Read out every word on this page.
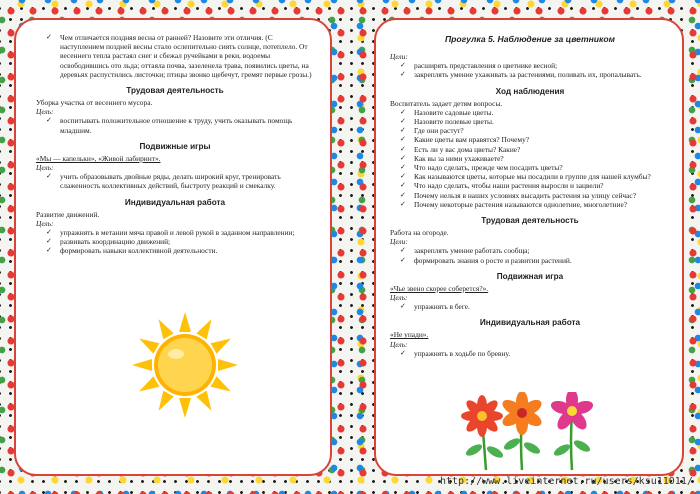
✓ Чем отличается поздняя весна от ранней? Назовите эти отличия. (С наступлением поздней весны стало ослепительно сиять солнце, потеплело. От весеннего тепла растаял снег и сбежал ручейками в реки, водоемы освободившись ото льда; оттаяла почва, зазеленела трава, появились цветы, на деревьях распустились листочки; птицы звонко щебечут, гремят первые грозы.)
Трудовая деятельность

Уборка участка от весеннего мусора.

Цель:

✓ воспитывать положительное отношение к труду, учить оказывать помощь младшим.
Подвижные игры

«Мы — капельки», «Живой лабиринт».

Цель:

✓ учить образовывать двойные ряды, делать широкий круг, тренировать слаженность коллективных действий, быстроту реакций и смекалку.
Индивидуальная работа

Развитие движений.

Цель:

✓ упражнять в метании мяча правой и левой рукой в заданном направлении;
✓ развивать координацию движений;
✓ формировать навыки коллективной деятельности.
Прогулка 5. Наблюдение за цветником

Цели:

✓ расширять представления о цветнике весной;
✓ закреплять умение ухаживать за растениями, поливать их, пропалывать.
Ход наблюдения

Воспитатель задает детям вопросы.

✓ Назовите садовые цветы.
✓ Назовите полевые цветы.
✓ Где они растут?
✓ Какие цветы вам нравятся? Почему?
✓ Есть ли у вас дома цветы? Какие?
✓ Как вы за ними ухаживаете?
✓ Что надо сделать, прежде чем посадить цветы?
✓ Как называются цветы, которые мы посадили в группе для нашей клумбы?
✓ Что надо сделать, чтобы наши растения выросли и зацвели?
✓ Почему нельзя в наших условиях высадить растения на улицу сейчас?
✓ Почему некоторые растения называются однолетние, многолетние?
Трудовая деятельность

Работа на огороде.

Цели:

✓ закреплять умение работать сообща;
✓ формировать знания о росте и развитии растений.
Подвижная игра

«Чье звено скорее соберется?».

Цель:

✓ упражнять в беге.
Индивидуальная работа

«Не упади».

Цель:

✓ упражнять в ходьбе по бревну.
http://www.liveinternet.ru/users/ksu11011/
